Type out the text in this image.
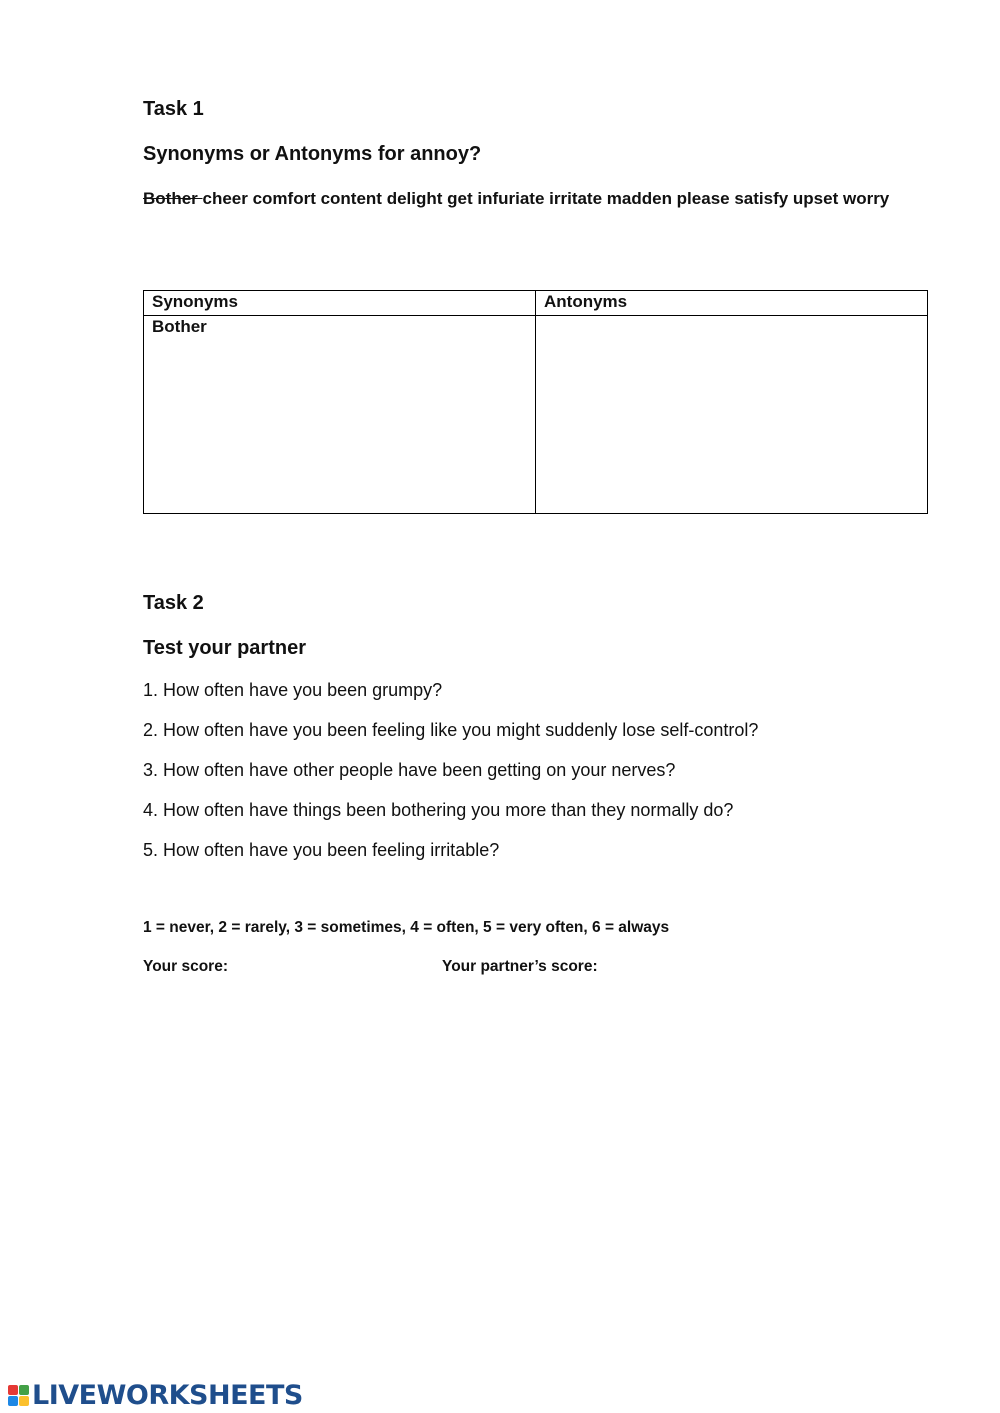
Task 1
Synonyms or Antonyms for annoy?
Bother cheer comfort content delight get infuriate irritate madden please satisfy upset worry
Synonyms	Antonyms
Bother	
Task 2
Test your partner
1. How often have you been grumpy?
2. How often have you been feeling like you might suddenly lose self-control?
3. How often have other people have been getting on your nerves?
4. How often have things been bothering you more than they normally do?
5. How often have you been feeling irritable?
1 = never, 2 = rarely, 3 = sometimes, 4 = often, 5 = very often, 6 = always
Your score:	Your partner’s score:
LIVEWORKSHEETS
